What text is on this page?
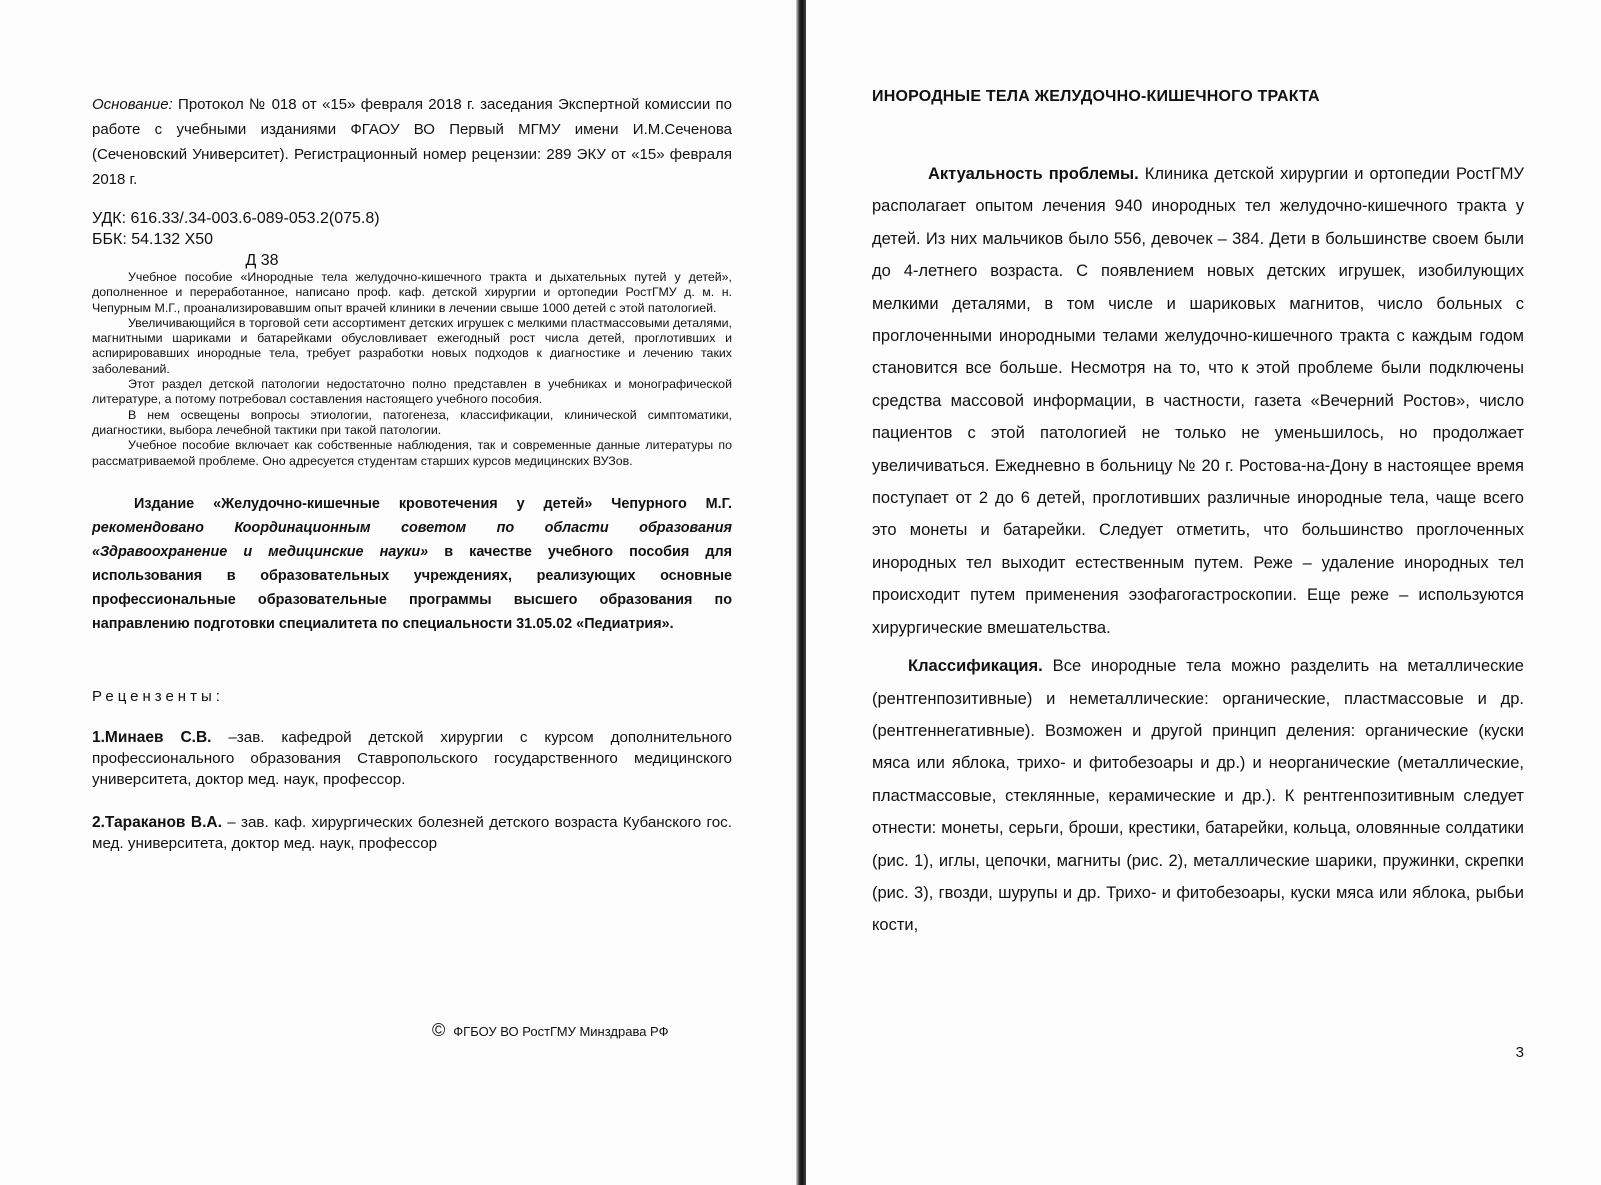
Основание: Протокол № 018 от «15» февраля 2018 г. заседания Экспертной комиссии по работе с учебными изданиями ФГАОУ ВО Первый МГМУ имени И.М.Сеченова (Сеченовский Университет). Регистрационный номер рецензии: 289 ЭКУ от «15» февраля 2018 г.

УДК: 616.33/.34-003.6-089-053.2(075.8)
ББК: 54.132 Х50
Д 38

Учебное пособие «Инородные тела желудочно-кишечного тракта и дыхательных путей у детей», дополненное и переработанное, написано проф. каф. детской хирургии и ортопедии РостГМУ д. м. н. Чепурным М.Г., проанализировавшим опыт врачей клиники в лечении свыше 1000 детей с этой патологией.

Увеличивающийся в торговой сети ассортимент детских игрушек с мелкими пластмассовыми деталями, магнитными шариками и батарейками обусловливает ежегодный рост числа детей, проглотивших и аспирировавших инородные тела, требует разработки новых подходов к диагностике и лечению таких заболеваний.

Этот раздел детской патологии недостаточно полно представлен в учебниках и монографической литературе, а потому потребовал составления настоящего учебного пособия.

В нем освещены вопросы этиологии, патогенеза, классификации, клинической симптоматики, диагностики, выбора лечебной тактики при такой патологии.

Учебное пособие включает как собственные наблюдения, так и современные данные литературы по рассматриваемой проблеме. Оно адресуется студентам старших курсов медицинских ВУЗов.

Издание «Желудочно-кишечные кровотечения у детей» Чепурного М.Г. рекомендовано Координационным советом по области образования «Здравоохранение и медицинские науки» в качестве учебного пособия для использования в образовательных учреждениях, реализующих основные профессиональные образовательные программы высшего образования по направлению подготовки специалитета по специальности 31.05.02 «Педиатрия».

Рецензенты:

1.Минаев С.В. –зав. кафедрой детской хирургии с курсом дополнительного профессионального образования Ставропольского государственного медицинского университета, доктор мед. наук, профессор.

2.Тараканов В.А. – зав. каф. хирургических болезней детского возраста Кубанского гос. мед. университета, доктор мед. наук, профессор

© ФГБОУ ВО РостГМУ Минздрава РФ
ИНОРОДНЫЕ ТЕЛА ЖЕЛУДОЧНО-КИШЕЧНОГО ТРАКТА

Актуальность проблемы. Клиника детской хирургии и ортопедии РостГМУ располагает опытом лечения 940 инородных тел желудочно-кишечного тракта у детей. Из них мальчиков было 556, девочек – 384. Дети в большинстве своем были до 4-летнего возраста. С появлением новых детских игрушек, изобилующих мелкими деталями, в том числе и шариковых магнитов, число больных с проглоченными инородными телами желудочно-кишечного тракта с каждым годом становится все больше. Несмотря на то, что к этой проблеме были подключены средства массовой информации, в частности, газета «Вечерний Ростов», число пациентов с этой патологией не только не уменьшилось, но продолжает увеличиваться. Ежедневно в больницу № 20 г. Ростова-на-Дону в настоящее время поступает от 2 до 6 детей, проглотивших различные инородные тела, чаще всего это монеты и батарейки. Следует отметить, что большинство проглоченных инородных тел выходит естественным путем. Реже – удаление инородных тел происходит путем применения эзофагогастроскопии. Еще реже – используются хирургические вмешательства.

Классификация. Все инородные тела можно разделить на металлические (рентгенпозитивные) и неметаллические: органические, пластмассовые и др. (рентгеннегативные). Возможен и другой принцип деления: органические (куски мяса или яблока, трихо- и фитобезоары и др.) и неорганические (металлические, пластмассовые, стеклянные, керамические и др.). К рентгенпозитивным следует отнести: монеты, серьги, броши, крестики, батарейки, кольца, оловянные солдатики (рис. 1), иглы, цепочки, магниты (рис. 2), металлические шарики, пружинки, скрепки (рис. 3), гвозди, шурупы и др. Трихо- и фитобезоары, куски мяса или яблока, рыбьи кости,

3
